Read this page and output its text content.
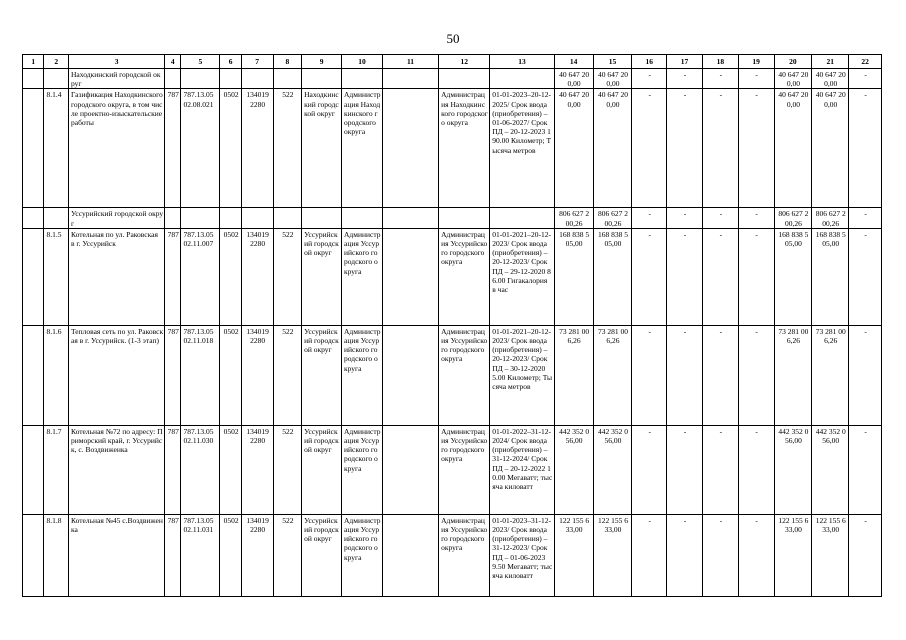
50
1	2	3	4	5	6	7	8	9	10	11	12	13	14	15	16	17	18	19	20	21	22
		Находкинский городской округ											40 647 20 0,00	40 647 20 0,00	-	-	-	-	40 647 20 0,00	40 647 20 0,00	-
	8.1.4	Газификация Находкинского городского округа, в том числе проектно-изыскательские работы	787	787.13.05 02.08.021	0502	134019 2280	522	Находкинский городской округ	Администрация Находкинского городского округа		Администрация Находкинского городского округа	01-01-2023–20-12-2025/ Срок ввода (приобретения) – 01-06-2027/ Срок ПД – 20-12-2023 190.00 Километр; Тысяча метров	40 647 20 0,00	40 647 20 0,00	-	-	-	-	40 647 20 0,00	40 647 20 0,00	-
		Уссурийский городской округ											806 627 2 00,26	806 627 2 00,26	-	-	-	-	806 627 2 00,26	806 627 2 00,26	-
	8.1.5	Котельная по ул. Раковская в г. Уссурийск	787	787.13.05 02.11.007	0502	134019 2280	522	Уссурийский городской округ	Администрация Уссурийского городского округа		Администрация Уссурийского городского округа	01-01-2021–20-12-2023/ Срок ввода (приобретения) – 20-12-2023/ Срок ПД – 29-12-2020 86.00 Гигакалория в час	168 838 5 05,00	168 838 5 05,00	-	-	-	-	168 838 5 05,00	168 838 5 05,00	-
	8.1.6	Тепловая сеть по ул. Раковская в г. Уссурийск. (1-3 этап)	787	787.13.05 02.11.018	0502	134019 2280	522	Уссурийский городской округ	Администрация Уссурийского городского округа		Администрация Уссурийского городского округа	01-01-2021–20-12-2023/ Срок ввода (приобретения) – 20-12-2023/ Срок ПД – 30-12-2020 5.00 Километр; Тысяча метров	73 281 00 6,26	73 281 00 6,26	-	-	-	-	73 281 00 6,26	73 281 00 6,26	-
	8.1.7	Котельная №72 по адресу: Приморский край, г. Уссурийск, с. Воздвиженка	787	787.13.05 02.11.030	0502	134019 2280	522	Уссурийский городской округ	Администрация Уссурийского городского округа		Администрация Уссурийского городского округа	01-01-2022–31-12-2024/ Срок ввода (приобретения) – 31-12-2024/ Срок ПД – 20-12-2022 10.00 Мегаватт; тысяча киловатт	442 352 0 56,00	442 352 0 56,00	-	-	-	-	442 352 0 56,00	442 352 0 56,00	-
	8.1.8	Котельная №45 с.Воздвиженка	787	787.13.05 02.11.031	0502	134019 2280	522	Уссурийский городской округ	Администрация Уссурийского городского округа		Администрация Уссурийского городского округа	01-01-2023–31-12-2023/ Срок ввода (приобретения) – 31-12-2023/ Срок ПД – 01-06-2023 9.50 Мегаватт; тысяча киловатт	122 155 6 33,00	122 155 6 33,00	-	-	-	-	122 155 6 33,00	122 155 6 33,00	-
